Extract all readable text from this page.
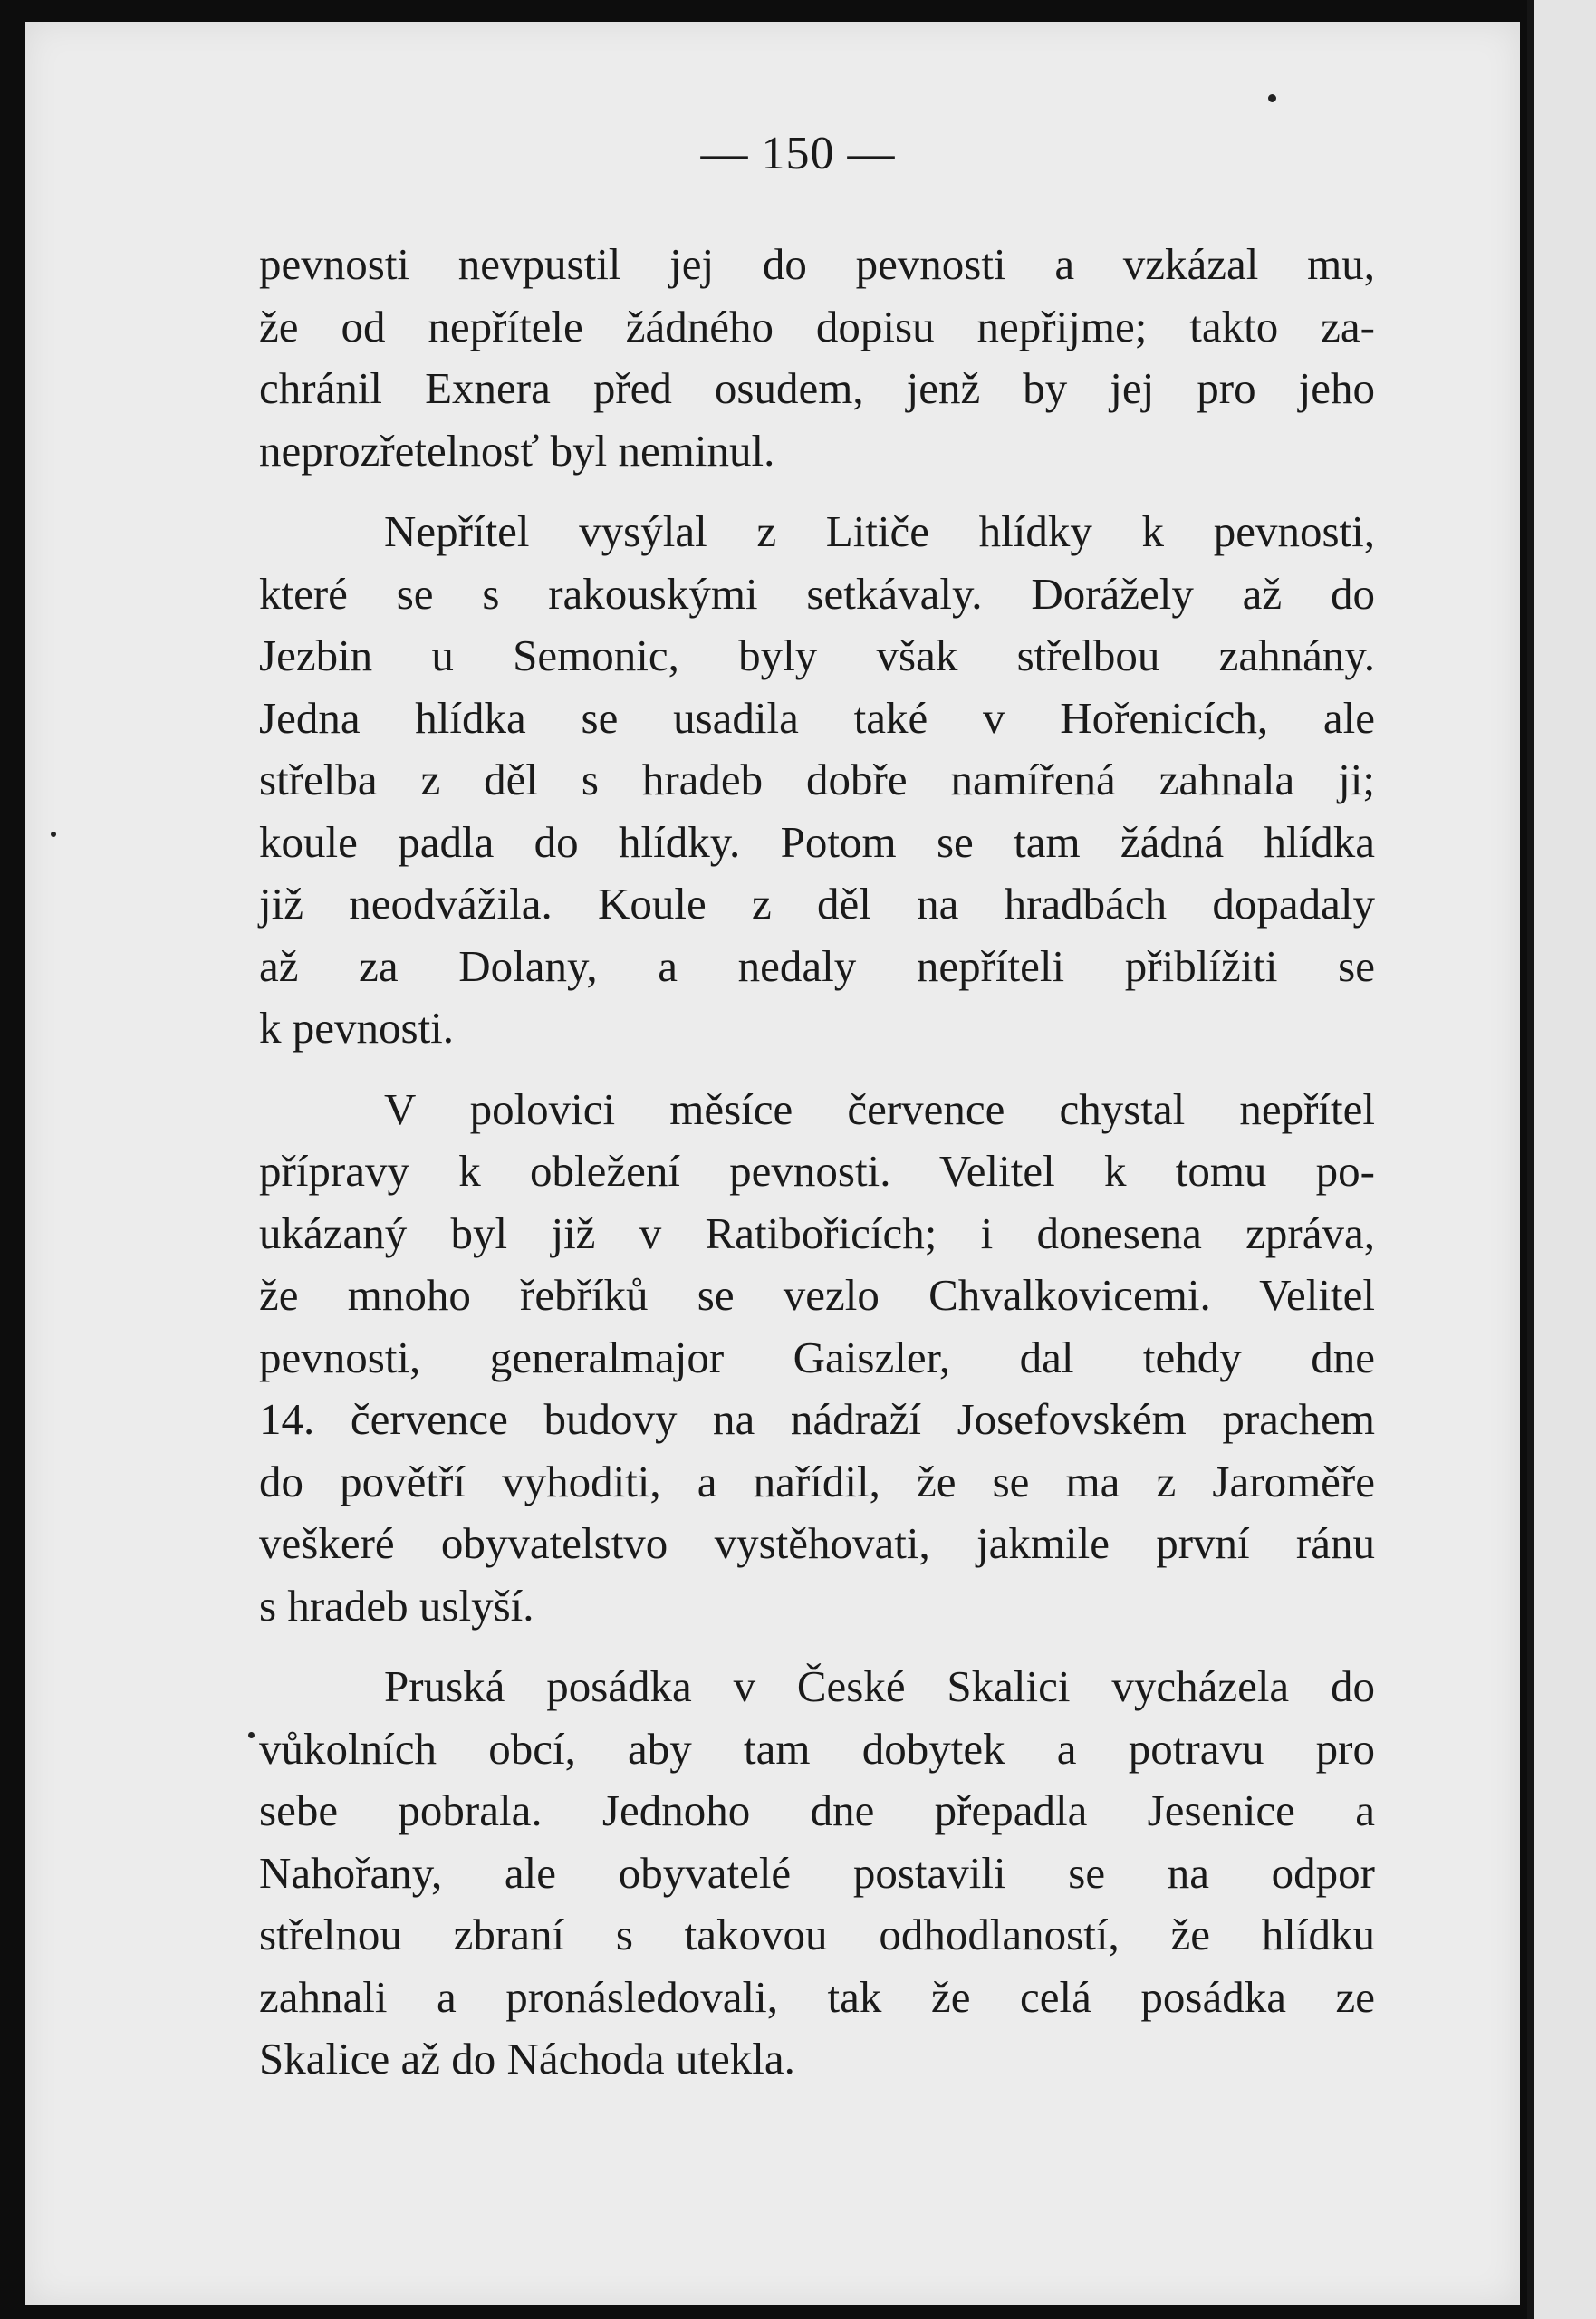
— 150 —
pevnosti nevpustil jej do pevnosti a vzkázal mu,
že od nepřítele žádného dopisu nepřijme; takto za-
chránil Exnera před osudem, jenž by jej pro jeho
neprozřetelnosť byl neminul.
Nepřítel vysýlal z Litiče hlídky k pevnosti,
které se s rakouskými setkávaly. Dorážely až do
Jezbin u Semonic, byly však střelbou zahnány.
Jedna hlídka se usadila také v Hořenicích, ale
střelba z děl s hradeb dobře namířená zahnala ji;
koule padla do hlídky. Potom se tam žádná hlídka
již neodvážila. Koule z děl na hradbách dopadaly
až za Dolany, a nedaly nepříteli přiblížiti se
k pevnosti.
V polovici měsíce července chystal nepřítel
přípravy k obležení pevnosti. Velitel k tomu po-
ukázaný byl již v Ratibořicích; i donesena zpráva,
že mnoho řebříků se vezlo Chvalkovicemi. Velitel
pevnosti, generalmajor Gaiszler, dal tehdy dne
14. července budovy na nádraží Josefovském prachem
do povětří vyhoditi, a nařídil, že se ma z Jaroměře
veškeré obyvatelstvo vystěhovati, jakmile první ránu
s hradeb uslyší.
Pruská posádka v České Skalici vycházela do
vůkolních obcí, aby tam dobytek a potravu pro
sebe pobrala. Jednoho dne přepadla Jesenice a
Nahořany, ale obyvatelé postavili se na odpor
střelnou zbraní s takovou odhodlaností, že hlídku
zahnali a pronásledovali, tak že celá posádka ze
Skalice až do Náchoda utekla.
